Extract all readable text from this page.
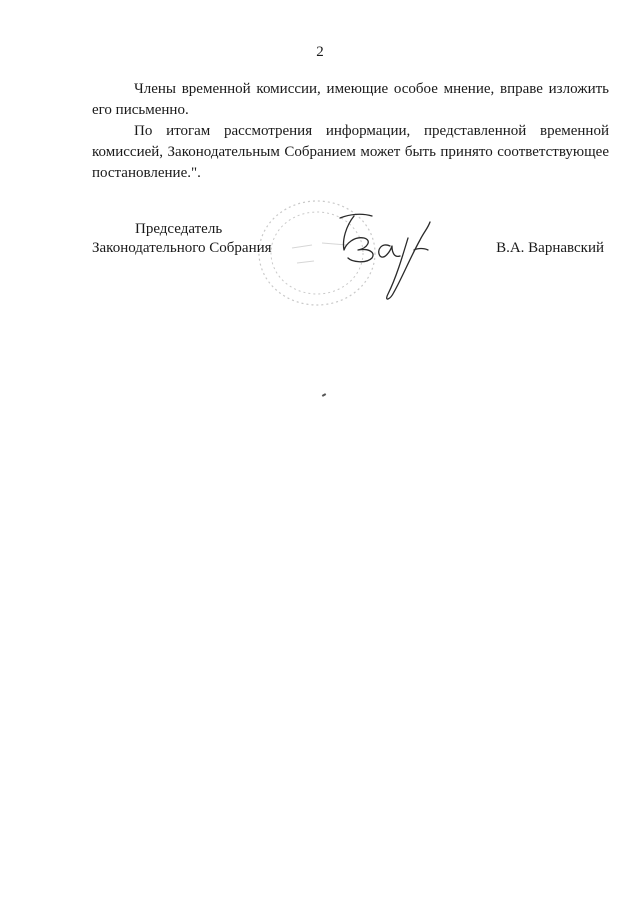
2

Члены временной комиссии, имеющие особое мнение, вправе изложить его письменно.

По итогам рассмотрения информации, представленной временной комиссией, Законодательным Собранием может быть принято соответствующее постановление.".

Председатель
Законодательного Собрания	В.А. Варнавский
